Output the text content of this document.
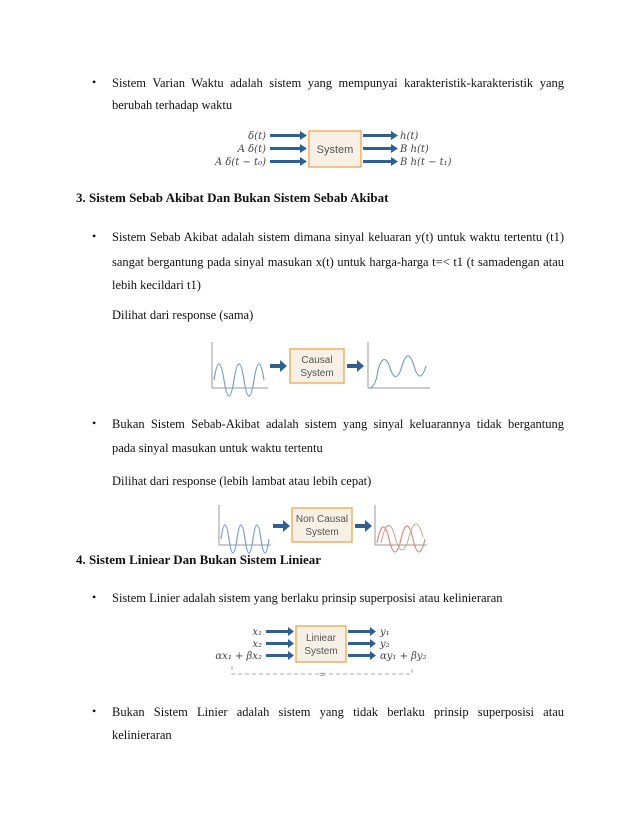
• Sistem Varian Waktu adalah sistem yang mempunyai karakteristik-karakteristik yang
berubah terhadap waktu
δ(t)
A δ(t)
A δ(t − t₀)
System
h(t)
B h(t)
B h(t − t₁)
3. Sistem Sebab Akibat Dan Bukan Sistem Sebab Akibat
• Sistem Sebab Akibat adalah sistem dimana sinyal keluaran y(t) untuk waktu tertentu (t1)
sangat bergantung pada sinyal masukan x(t) untuk harga-harga t=< t1 (t samadengan atau
lebih kecildari t1)
Dilihat dari response (sama)
Causal
System
• Bukan Sistem Sebab-Akibat adalah sistem yang sinyal keluarannya tidak bergantung
pada sinyal masukan untuk waktu tertentu
Dilihat dari response (lebih lambat atau lebih cepat)
Non Causal
System
4. Sistem Liniear Dan Bukan Sistem Liniear
• Sistem Linier adalah sistem yang berlaku prinsip superposisi atau kelinieraran
x₁
x₂
αx₁ + βx₂
Liniear
System
y₁
y₂
αy₁ + βy₂
=
• Bukan Sistem Linier adalah sistem yang tidak berlaku prinsip superposisi atau
kelinieraran
